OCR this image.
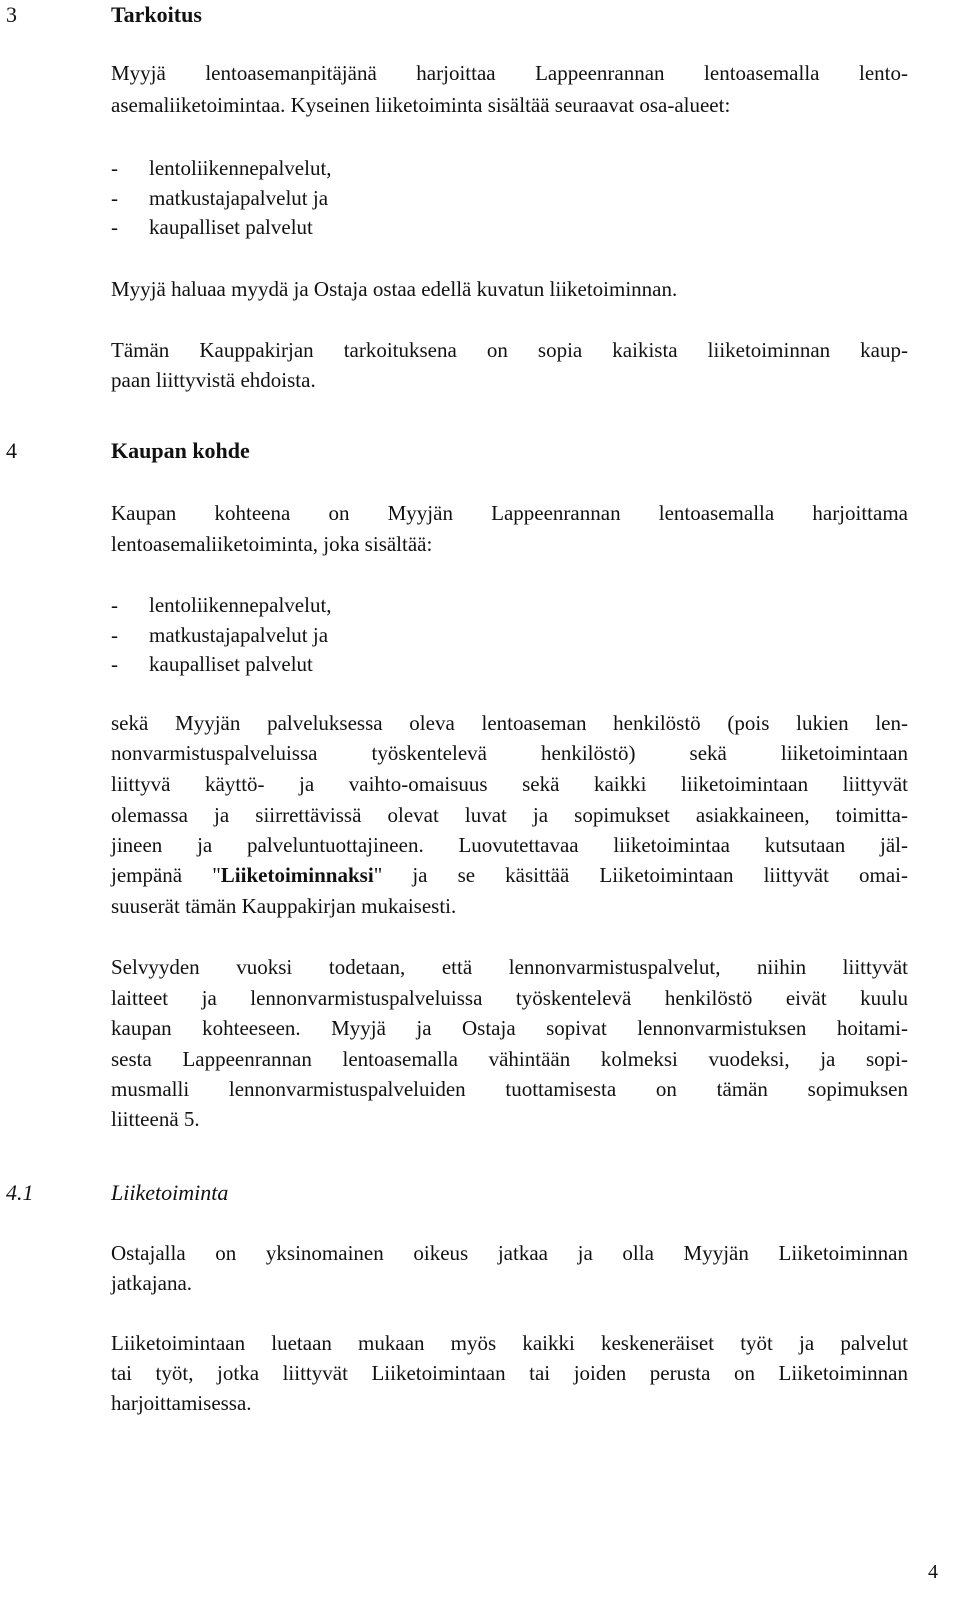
3	Tarkoitus
Myyjä lentoasemanpitäjänä harjoittaa Lappeenrannan lentoasemalla lento-
asemaliiketoimintaa. Kyseinen liiketoiminta sisältää seuraavat osa-alueet:
- lentoliikennepalvelut,
- matkustajapalvelut ja
- kaupalliset palvelut
Myyjä haluaa myydä ja Ostaja ostaa edellä kuvatun liiketoiminnan.
Tämän Kauppakirjan tarkoituksena on sopia kaikista liiketoiminnan kaup-
paan liittyvistä ehdoista.
4	Kaupan kohde
Kaupan kohteena on Myyjän Lappeenrannan lentoasemalla harjoittama
lentoasemaliiketoiminta, joka sisältää:
- lentoliikennepalvelut,
- matkustajapalvelut ja
- kaupalliset palvelut
sekä Myyjän palveluksessa oleva lentoaseman henkilöstö (pois lukien len-
nonvarmistuspalveluissa työskentelevä henkilöstö) sekä liiketoimintaan
liittyvä käyttö- ja vaihto-omaisuus sekä kaikki liiketoimintaan liittyvät
olemassa ja siirrettävissä olevat luvat ja sopimukset asiakkaineen, toimitta-
jineen ja palveluntuottajineen. Luovutettavaa liiketoimintaa kutsutaan jäl-
jempänä "Liiketoiminnaksi" ja se käsittää Liiketoimintaan liittyvät omai-
suuserät tämän Kauppakirjan mukaisesti.
Selvyyden vuoksi todetaan, että lennonvarmistuspalvelut, niihin liittyvät
laitteet ja lennonvarmistuspalveluissa työskentelevä henkilöstö eivät kuulu
kaupan kohteeseen. Myyjä ja Ostaja sopivat lennonvarmistuksen hoitami-
sesta Lappeenrannan lentoasemalla vähintään kolmeksi vuodeksi, ja sopi-
musmalli lennonvarmistuspalveluiden tuottamisesta on tämän sopimuksen
liitteenä 5.
4.1	Liiketoiminta
Ostajalla on yksinomainen oikeus jatkaa ja olla Myyjän Liiketoiminnan
jatkajana.
Liiketoimintaan luetaan mukaan myös kaikki keskeneräiset työt ja palvelut
tai työt, jotka liittyvät Liiketoimintaan tai joiden perusta on Liiketoiminnan
harjoittamisessa.
4
